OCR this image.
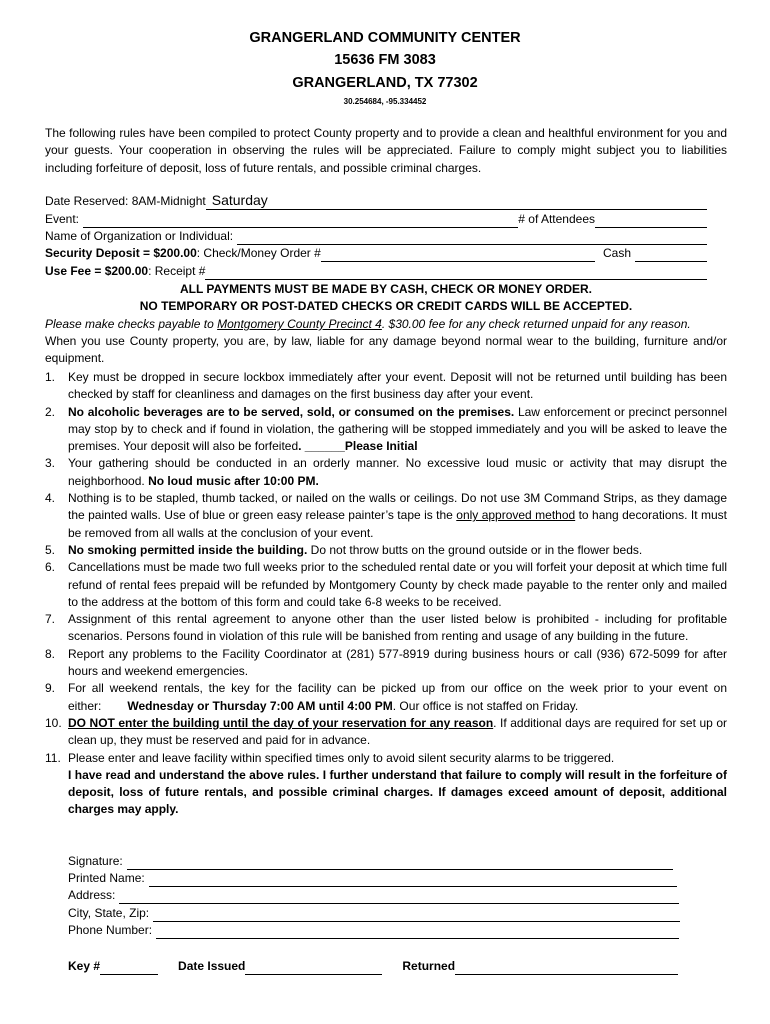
GRANGERLAND COMMUNITY CENTER
15636 FM 3083
GRANGERLAND, TX 77302
30.254684, -95.334452
The following rules have been compiled to protect County property and to provide a clean and healthful environment for you and your guests. Your cooperation in observing the rules will be appreciated. Failure to comply might subject you to liabilities including forfeiture of deposit, loss of future rentals, and possible criminal charges.
Date Reserved: 8AM-Midnight Saturday
Event:	# of Attendees
Name of Organization or Individual:
Security Deposit = $200.00 : Check/Money Order #	Cash
Use Fee = $200.00 : Receipt #
ALL PAYMENTS MUST BE MADE BY CASH, CHECK OR MONEY ORDER.
NO TEMPORARY OR POST-DATED CHECKS OR CREDIT CARDS WILL BE ACCEPTED.
Please make checks payable to Montgomery County Precinct 4. $30.00 fee for any check returned unpaid for any reason.
When you use County property, you are, by law, liable for any damage beyond normal wear to the building, furniture and/or equipment.
1.	Key must be dropped in secure lockbox immediately after your event. Deposit will not be returned until building has been checked by staff for cleanliness and damages on the first business day after your event.
2.	No alcoholic beverages are to be served, sold, or consumed on the premises. Law enforcement or precinct personnel may stop by to check and if found in violation, the gathering will be stopped immediately and you will be asked to leave the premises. Your deposit will also be forfeited. ______Please Initial
3.	Your gathering should be conducted in an orderly manner. No excessive loud music or activity that may disrupt the neighborhood. No loud music after 10:00 PM.
4.	Nothing is to be stapled, thumb tacked, or nailed on the walls or ceilings. Do not use 3M Command Strips, as they damage the painted walls. Use of blue or green easy release painter’s tape is the only approved method to hang decorations. It must be removed from all walls at the conclusion of your event.
5.	No smoking permitted inside the building. Do not throw butts on the ground outside or in the flower beds.
6.	Cancellations must be made two full weeks prior to the scheduled rental date or you will forfeit your deposit at which time full refund of rental fees prepaid will be refunded by Montgomery County by check made payable to the renter only and mailed to the address at the bottom of this form and could take 6-8 weeks to be received.
7.	Assignment of this rental agreement to anyone other than the user listed below is prohibited - including for profitable scenarios. Persons found in violation of this rule will be banished from renting and usage of any building in the future.
8.	Report any problems to the Facility Coordinator at (281) 577-8919 during business hours or call (936) 672-5099 for after hours and weekend emergencies.
9.	For all weekend rentals, the key for the facility can be picked up from our office on the week prior to your event on either: Wednesday or Thursday 7:00 AM until 4:00 PM. Our office is not staffed on Friday.
10. DO NOT enter the building until the day of your reservation for any reason. If additional days are required for set up or clean up, they must be reserved and paid for in advance.
11. Please enter and leave facility within specified times only to avoid silent security alarms to be triggered.
I have read and understand the above rules. I further understand that failure to comply will result in the forfeiture of deposit, loss of future rentals, and possible criminal charges. If damages exceed amount of deposit, additional charges may apply.
Signature:
Printed Name:
Address:
City, State, Zip:
Phone Number:
Key #	Date Issued	Returned
